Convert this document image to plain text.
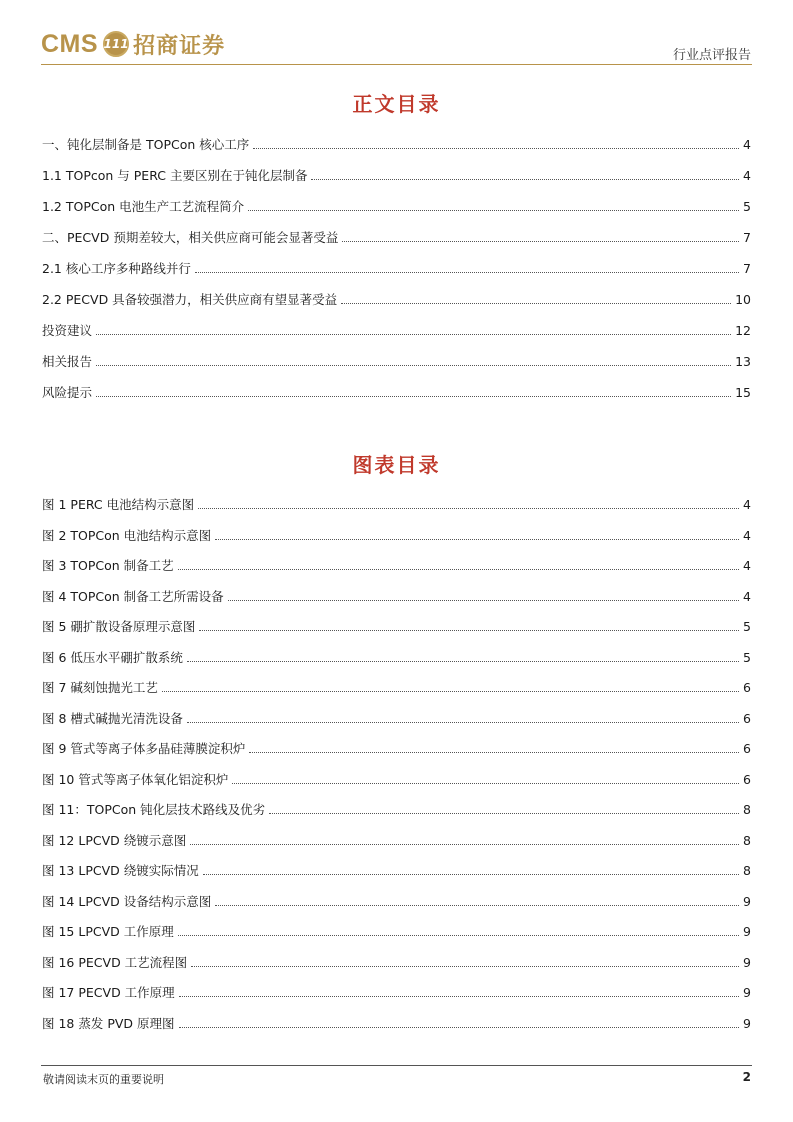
CMS 111 招商证券	行业点评报告
正文目录
一、钝化层制备是 TOPCon 核心工序	4
1.1 TOPcon 与 PERC 主要区别在于钝化层制备	4
1.2 TOPCon 电池生产工艺流程简介	5
二、PECVD 预期差较大，相关供应商可能会显著受益	7
2.1 核心工序多种路线并行	7
2.2 PECVD 具备较强潜力，相关供应商有望显著受益	10
投资建议	12
相关报告	13
风险提示	15
图表目录
图 1 PERC 电池结构示意图	4
图 2 TOPCon 电池结构示意图	4
图 3 TOPCon 制备工艺	4
图 4 TOPCon 制备工艺所需设备	4
图 5 硼扩散设备原理示意图	5
图 6 低压水平硼扩散系统	5
图 7 碱刻蚀抛光工艺	6
图 8 槽式碱抛光清洗设备	6
图 9 管式等离子体多晶硅薄膜淀积炉	6
图 10 管式等离子体氧化铝淀积炉	6
图 11：TOPCon 钝化层技术路线及优劣	8
图 12 LPCVD 绕镀示意图	8
图 13 LPCVD 绕镀实际情况	8
图 14 LPCVD 设备结构示意图	9
图 15 LPCVD 工作原理	9
图 16 PECVD 工艺流程图	9
图 17 PECVD 工作原理	9
图 18 蒸发 PVD 原理图	9
敬请阅读末页的重要说明	2
